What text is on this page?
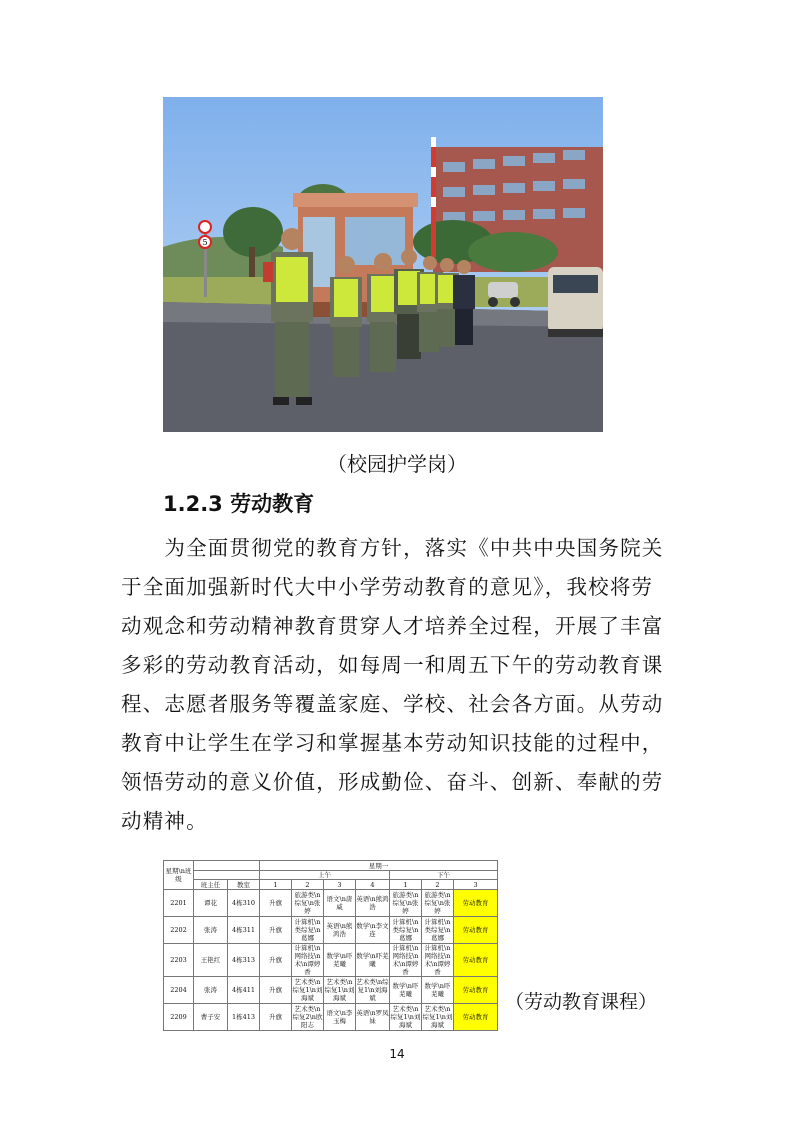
5
（校园护学岗）
1.2.3 劳动教育
　　为全面贯彻党的教育方针，落实《中共中央国务院关
于全面加强新时代大中小学劳动教育的意见》，我校将劳
动观念和劳动精神教育贯穿人才培养全过程，开展了丰富
多彩的劳动教育活动，如每周一和周五下午的劳动教育课
程、志愿者服务等覆盖家庭、学校、社会各方面。从劳动
教育中让学生在学习和掌握基本劳动知识技能的过程中，
领悟劳动的意义价值，形成勤俭、奋斗、创新、奉献的劳
动精神。
星期\n班级			星期一						
			上午				下午		
	班主任	教室	1	2	3	4	1	2	3
2201	谭花	4栋310	升旗	旅游类\n综复\n张婷	语文\n唐威	英语\n熊鸿浩	旅游类\n综复\n张婷	旅游类\n综复\n张婷	劳动教育
2202	张涛	4栋311	升旗	计算机\n类综复\n葛娜	英语\n熊鸿浩	数学\n李文连	计算机\n类综复\n葛娜	计算机\n类综复\n葛娜	劳动教育
2203	王艳红	4栋313	升旗	计算机\n网络技\n术\n谭婷香	数学\n吓芜曦	数学\n吓芜曦	计算机\n网络技\n术\n谭婷香	计算机\n网络技\n术\n谭婷香	劳动教育
2204	张涛	4栋411	升旗	艺术类\n综复1\n刘海斌	艺术类\n综复1\n刘海斌	艺术类\n综复1\n刘海斌	数学\n吓芜曦	数学\n吓芜曦	劳动教育
2209	曹子安	1栋413	升旗	艺术类\n综复2\n欧阳志	语文\n李玉梅	英语\n罗凤妹	艺术类\n综复1\n刘海斌	艺术类\n综复1\n刘海斌	劳动教育
（劳动教育课程）
14
